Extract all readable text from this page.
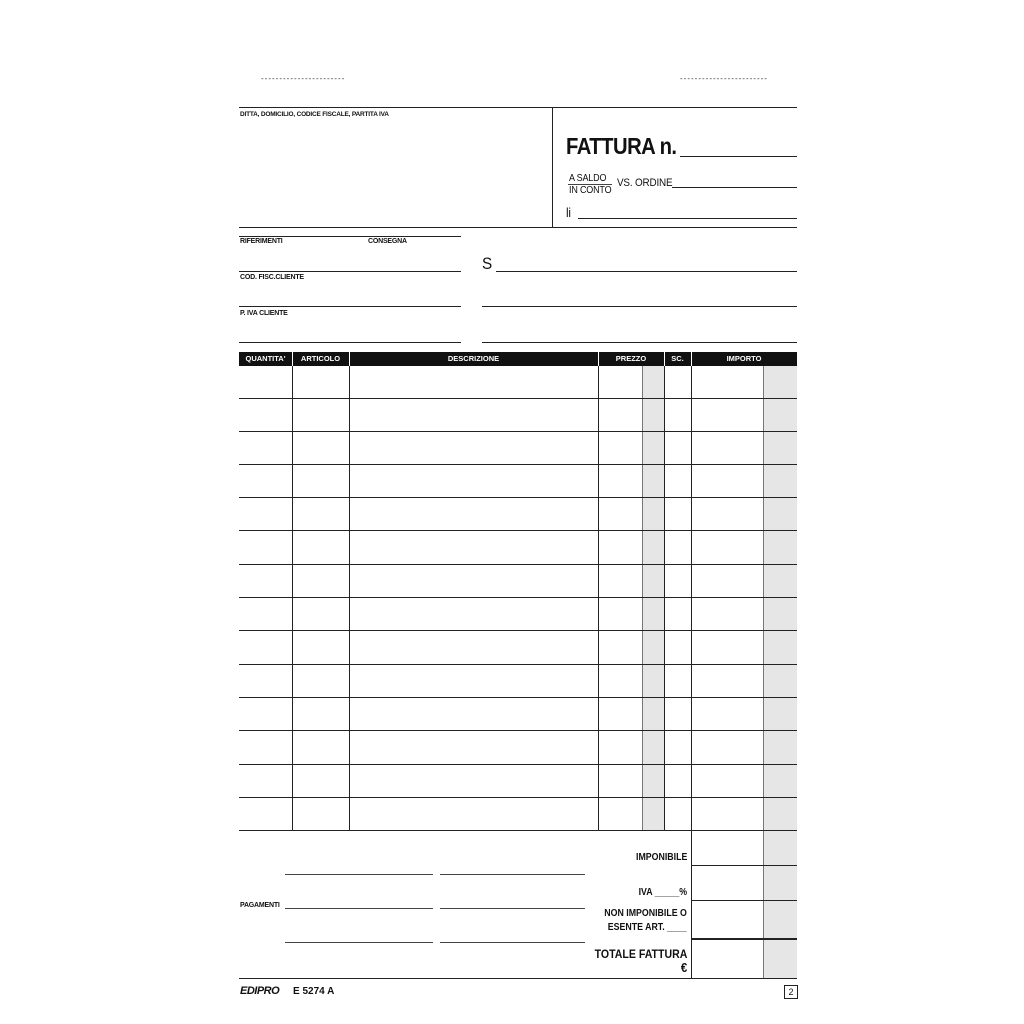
-----------------------	------------------------
DITTA, DOMICILIO, CODICE FISCALE, PARTITA IVA
FATTURA n.
A SALDO
IN CONTO
VS. ORDINE
li
RIFERIMENTI	CONSEGNA
COD. FISC.CLIENTE
P. IVA CLIENTE
S
QUANTITA'	ARTICOLO	DESCRIZIONE	PREZZO	SC.	IMPORTO
IMPONIBILE
IVA _____%
NON IMPONIBILE O
ESENTE ART. ____
TOTALE FATTURA
€
PAGAMENTI
EDIPRO E 5274 A	2
